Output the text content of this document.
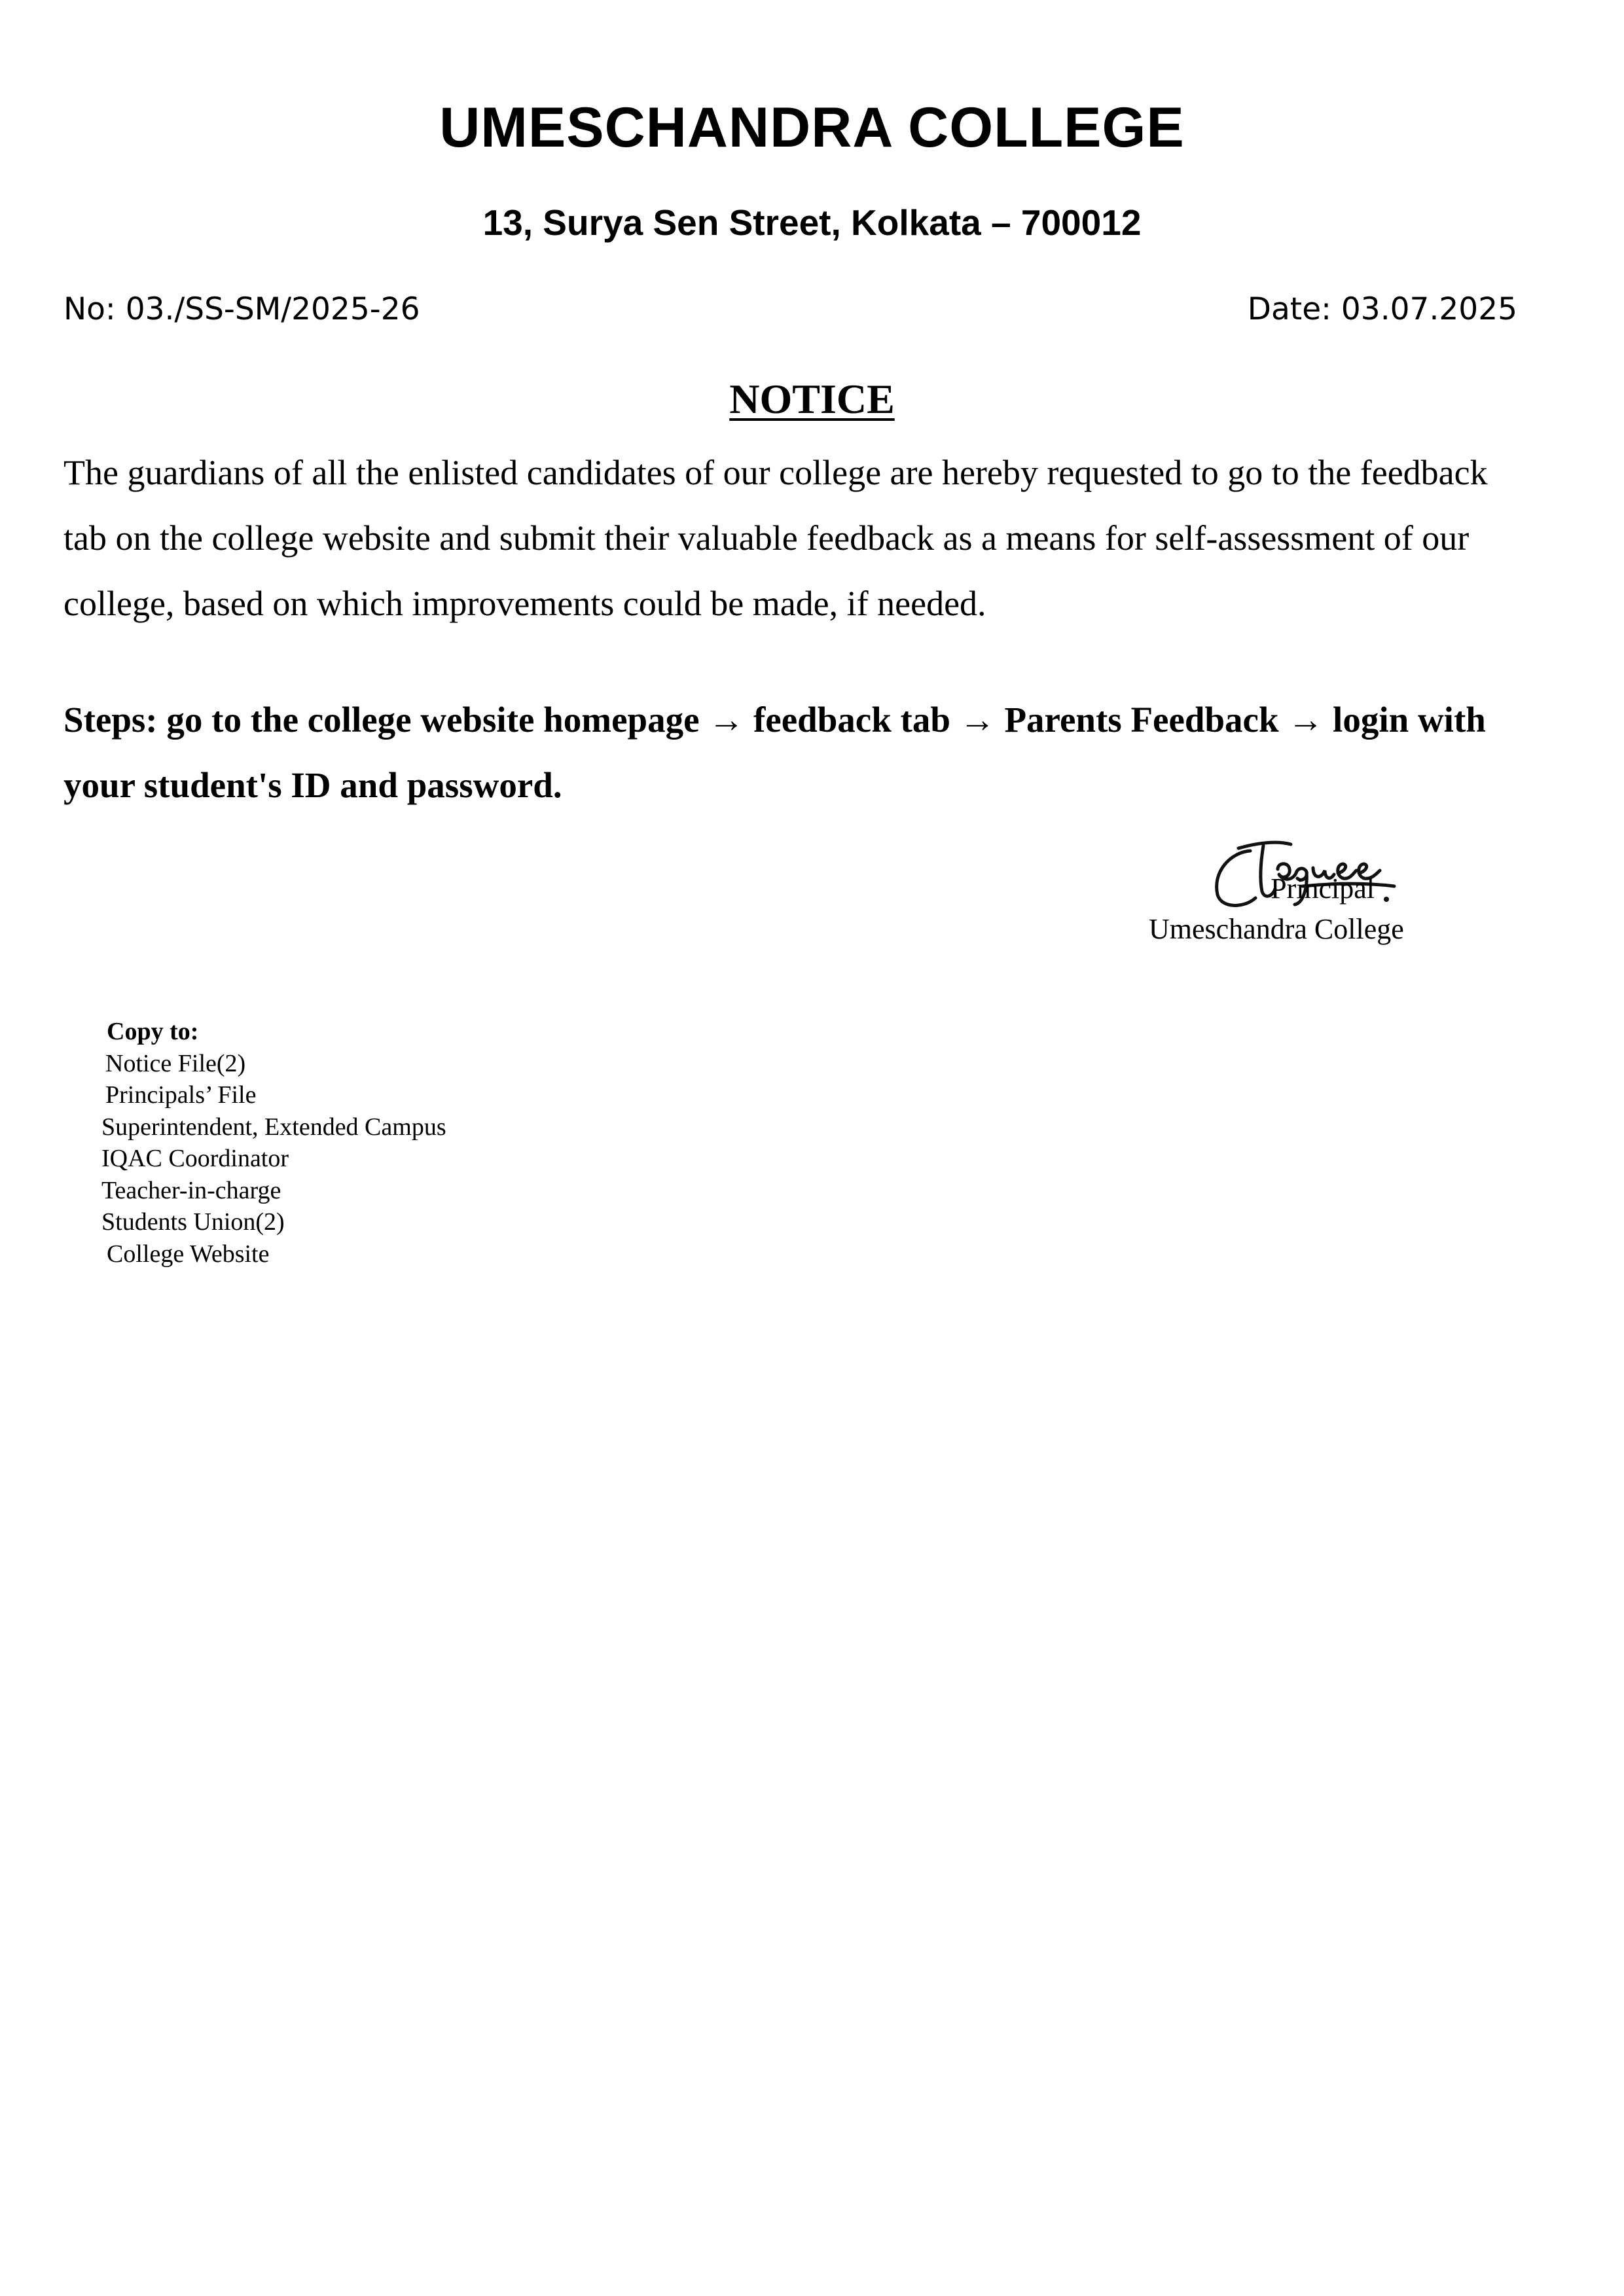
UMESCHANDRA COLLEGE
13, Surya Sen Street, Kolkata – 700012
No: 03./SS-SM/2025-26	Date: 03.07.2025
NOTICE

The guardians of all the enlisted candidates of our college are hereby requested to go to the feedback tab on the college website and submit their valuable feedback as a means for self-assessment of our college, based on which improvements could be made, if needed.

Steps: go to the college website homepage → feedback tab → Parents Feedback → login with your student's ID and password.

Principal
Umeschandra College
Copy to:
Notice File(2)
Principals’ File
Superintendent, Extended Campus
IQAC Coordinator
Teacher-in-charge
Students Union(2)
College Website
